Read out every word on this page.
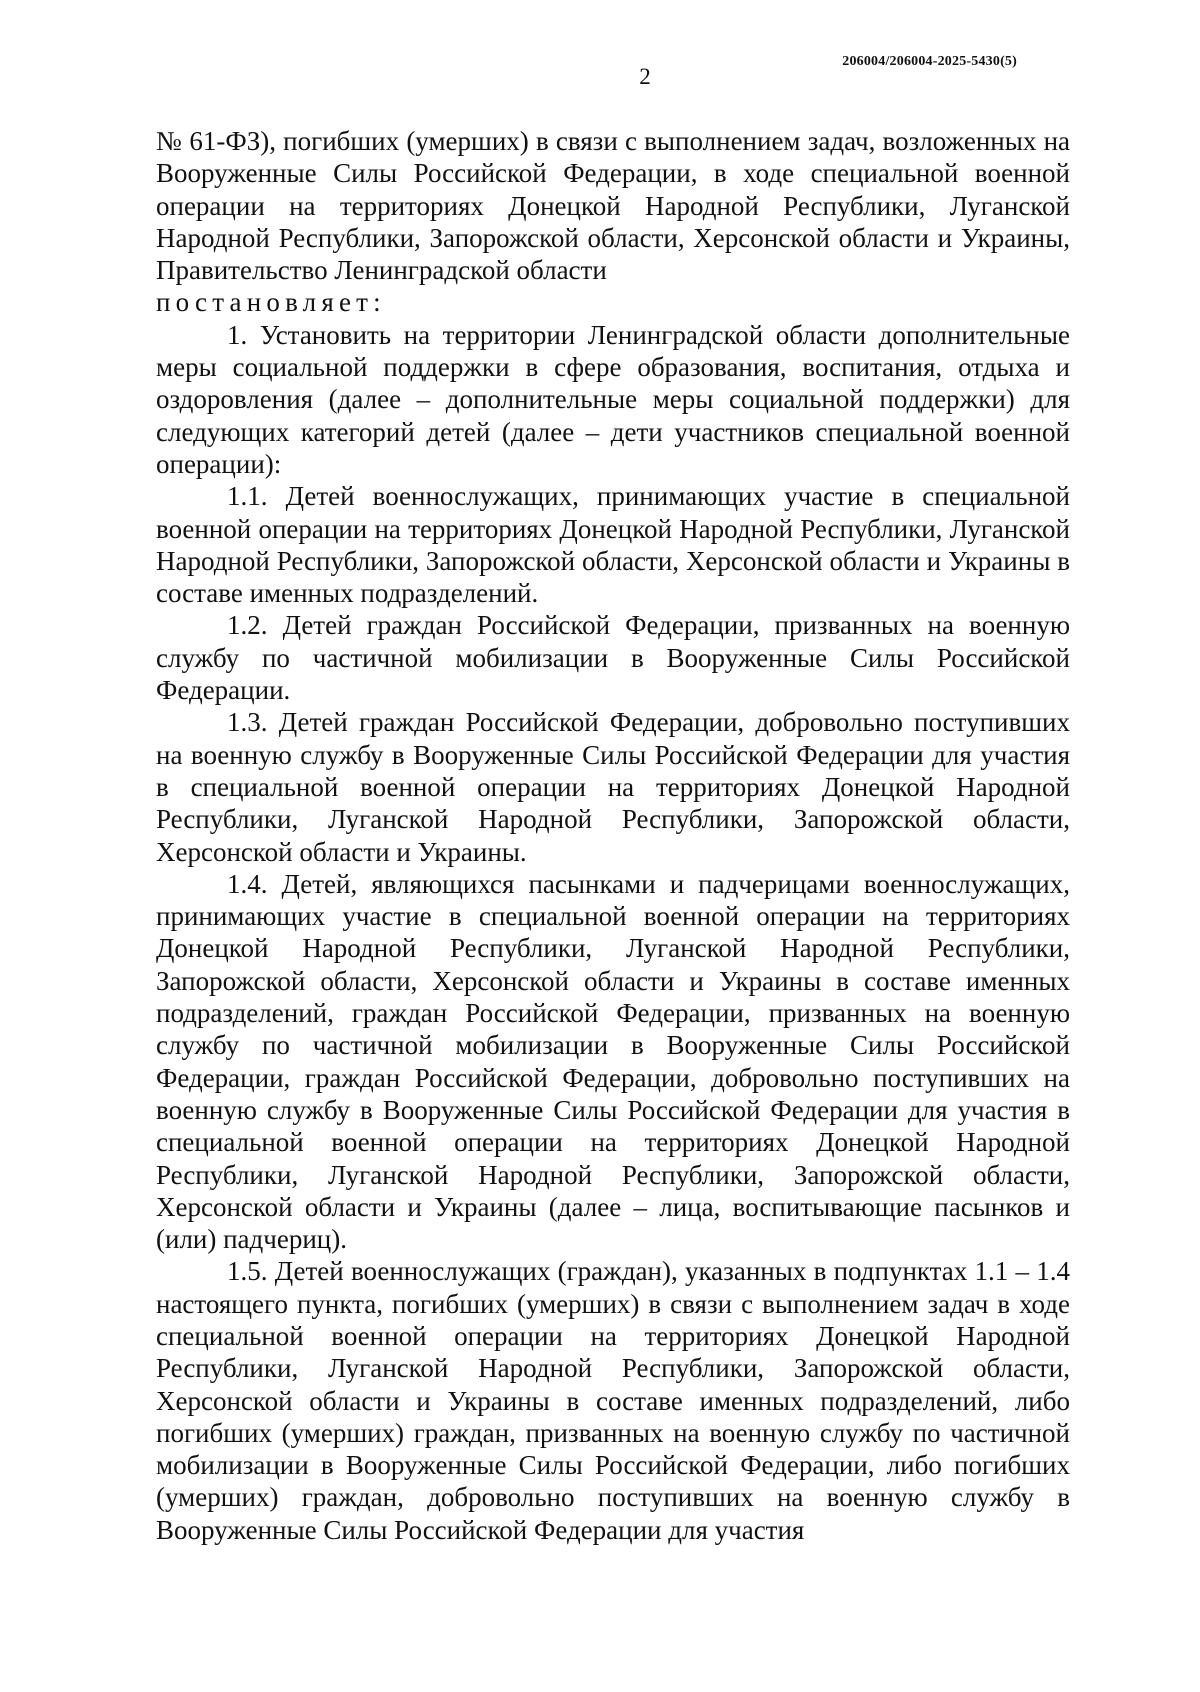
206004/206004-2025-5430(5)
2

№ 61-ФЗ), погибших (умерших) в связи с выполнением задач, возложенных на Вооруженные Силы Российской Федерации, в ходе специальной военной операции на территориях Донецкой Народной Республики, Луганской Народной Республики, Запорожской области, Херсонской области и Украины, Правительство Ленинградской области

постановляет:

1. Установить на территории Ленинградской области дополнительные меры социальной поддержки в сфере образования, воспитания, отдыха и оздоровления (далее – дополнительные меры социальной поддержки) для следующих категорий детей (далее – дети участников специальной военной операции):

1.1. Детей военнослужащих, принимающих участие в специальной военной операции на территориях Донецкой Народной Республики, Луганской Народной Республики, Запорожской области, Херсонской области и Украины в составе именных подразделений.

1.2. Детей граждан Российской Федерации, призванных на военную службу по частичной мобилизации в Вооруженные Силы Российской Федерации.

1.3. Детей граждан Российской Федерации, добровольно поступивших на военную службу в Вооруженные Силы Российской Федерации для участия в специальной военной операции на территориях Донецкой Народной Республики, Луганской Народной Республики, Запорожской области, Херсонской области и Украины.

1.4. Детей, являющихся пасынками и падчерицами военнослужащих, принимающих участие в специальной военной операции на территориях Донецкой Народной Республики, Луганской Народной Республики, Запорожской области, Херсонской области и Украины в составе именных подразделений, граждан Российской Федерации, призванных на военную службу по частичной мобилизации в Вооруженные Силы Российской Федерации, граждан Российской Федерации, добровольно поступивших на военную службу в Вооруженные Силы Российской Федерации для участия в специальной военной операции на территориях Донецкой Народной Республики, Луганской Народной Республики, Запорожской области, Херсонской области и Украины (далее – лица, воспитывающие пасынков и (или) падчериц).

1.5. Детей военнослужащих (граждан), указанных в подпунктах 1.1 – 1.4 настоящего пункта, погибших (умерших) в связи с выполнением задач в ходе специальной военной операции на территориях Донецкой Народной Республики, Луганской Народной Республики, Запорожской области, Херсонской области и Украины в составе именных подразделений, либо погибших (умерших) граждан, призванных на военную службу по частичной мобилизации в Вооруженные Силы Российской Федерации, либо погибших (умерших) граждан, добровольно поступивших на военную службу в Вооруженные Силы Российской Федерации для участия
